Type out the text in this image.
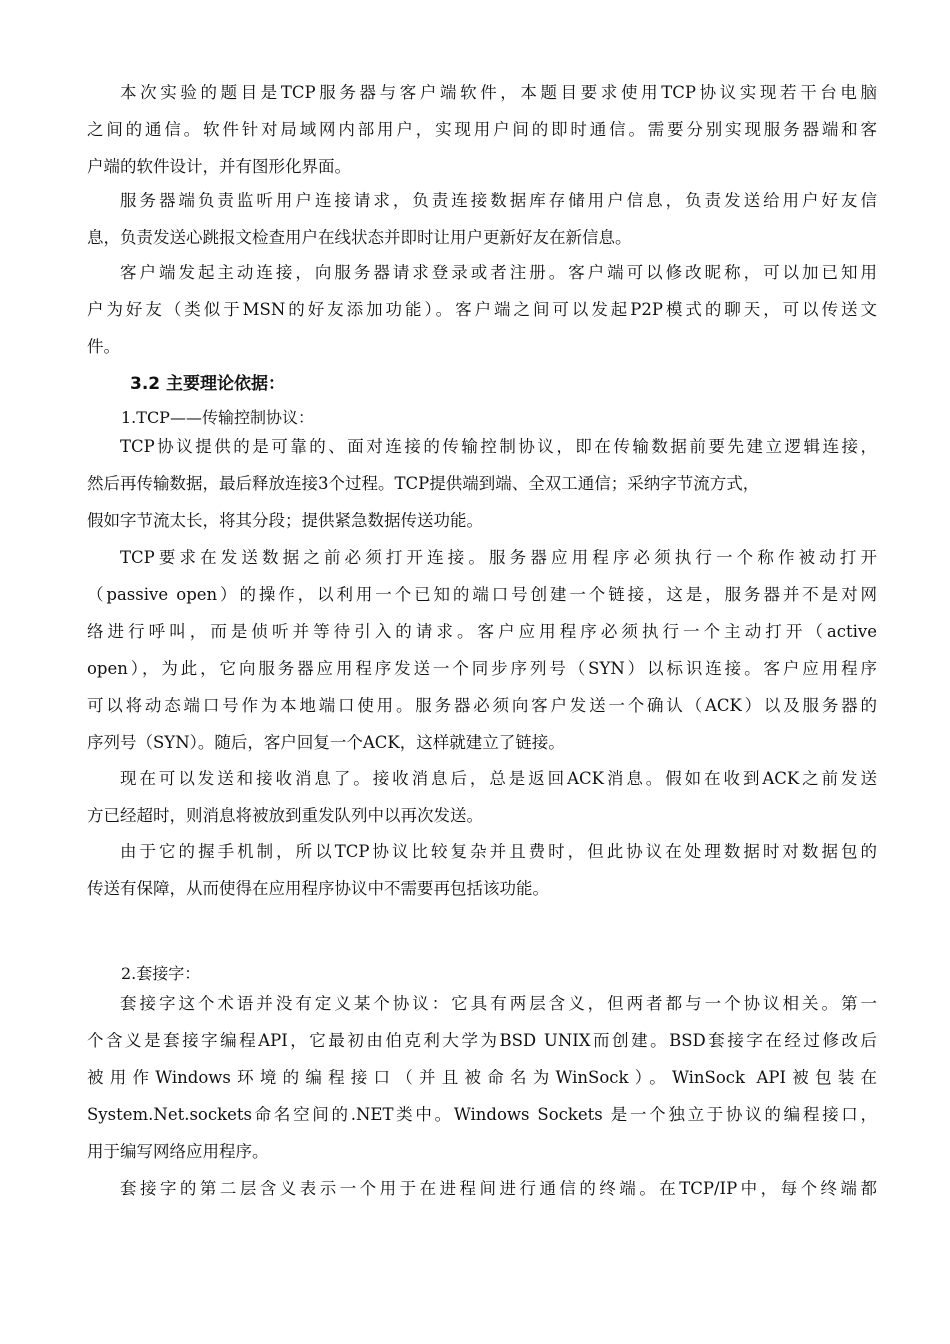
本次实验的题目是TCP服务器与客户端软件，本题目要求使用TCP协议实现若干台电脑
之间的通信。软件针对局域网内部用户，实现用户间的即时通信。需要分别实现服务器端和客
户端的软件设计，并有图形化界面。
服务器端负责监听用户连接请求，负责连接数据库存储用户信息，负责发送给用户好友信
息，负责发送心跳报文检查用户在线状态并即时让用户更新好友在新信息。
客户端发起主动连接，向服务器请求登录或者注册。客户端可以修改昵称，可以加已知用
户为好友（类似于MSN的好友添加功能）。客户端之间可以发起P2P模式的聊天，可以传送文
件。
3.2 主要理论依据：
1.TCP——传输控制协议：
TCP协议提供的是可靠的、面对连接的传输控制协议，即在传输数据前要先建立逻辑连接，
然后再传输数据，最后释放连接3个过程。TCP提供端到端、全双工通信；采纳字节流方式，
假如字节流太长，将其分段；提供紧急数据传送功能。
TCP要求在发送数据之前必须打开连接。服务器应用程序必须执行一个称作被动打开
（passive open）的操作，以利用一个已知的端口号创建一个链接，这是，服务器并不是对网
络进行呼叫，而是侦听并等待引入的请求。客户应用程序必须执行一个主动打开（active
open），为此，它向服务器应用程序发送一个同步序列号（SYN）以标识连接。客户应用程序
可以将动态端口号作为本地端口使用。服务器必须向客户发送一个确认（ACK）以及服务器的
序列号（SYN）。随后，客户回复一个ACK，这样就建立了链接。
现在可以发送和接收消息了。接收消息后，总是返回ACK消息。假如在收到ACK之前发送
方已经超时，则消息将被放到重发队列中以再次发送。
由于它的握手机制，所以TCP协议比较复杂并且费时，但此协议在处理数据时对数据包的
传送有保障，从而使得在应用程序协议中不需要再包括该功能。
2.套接字：
套接字这个术语并没有定义某个协议：它具有两层含义，但两者都与一个协议相关。第一
个含义是套接字编程API，它最初由伯克利大学为BSD UNIX而创建。BSD套接字在经过修改后
被用作Windows环境的编程接口（并且被命名为WinSock）。WinSock API被包装在
System.Net.sockets命名空间的.NET类中。Windows Sockets 是一个独立于协议的编程接口，
用于编写网络应用程序。
套接字的第二层含义表示一个用于在进程间进行通信的终端。在TCP/IP中，每个终端都
